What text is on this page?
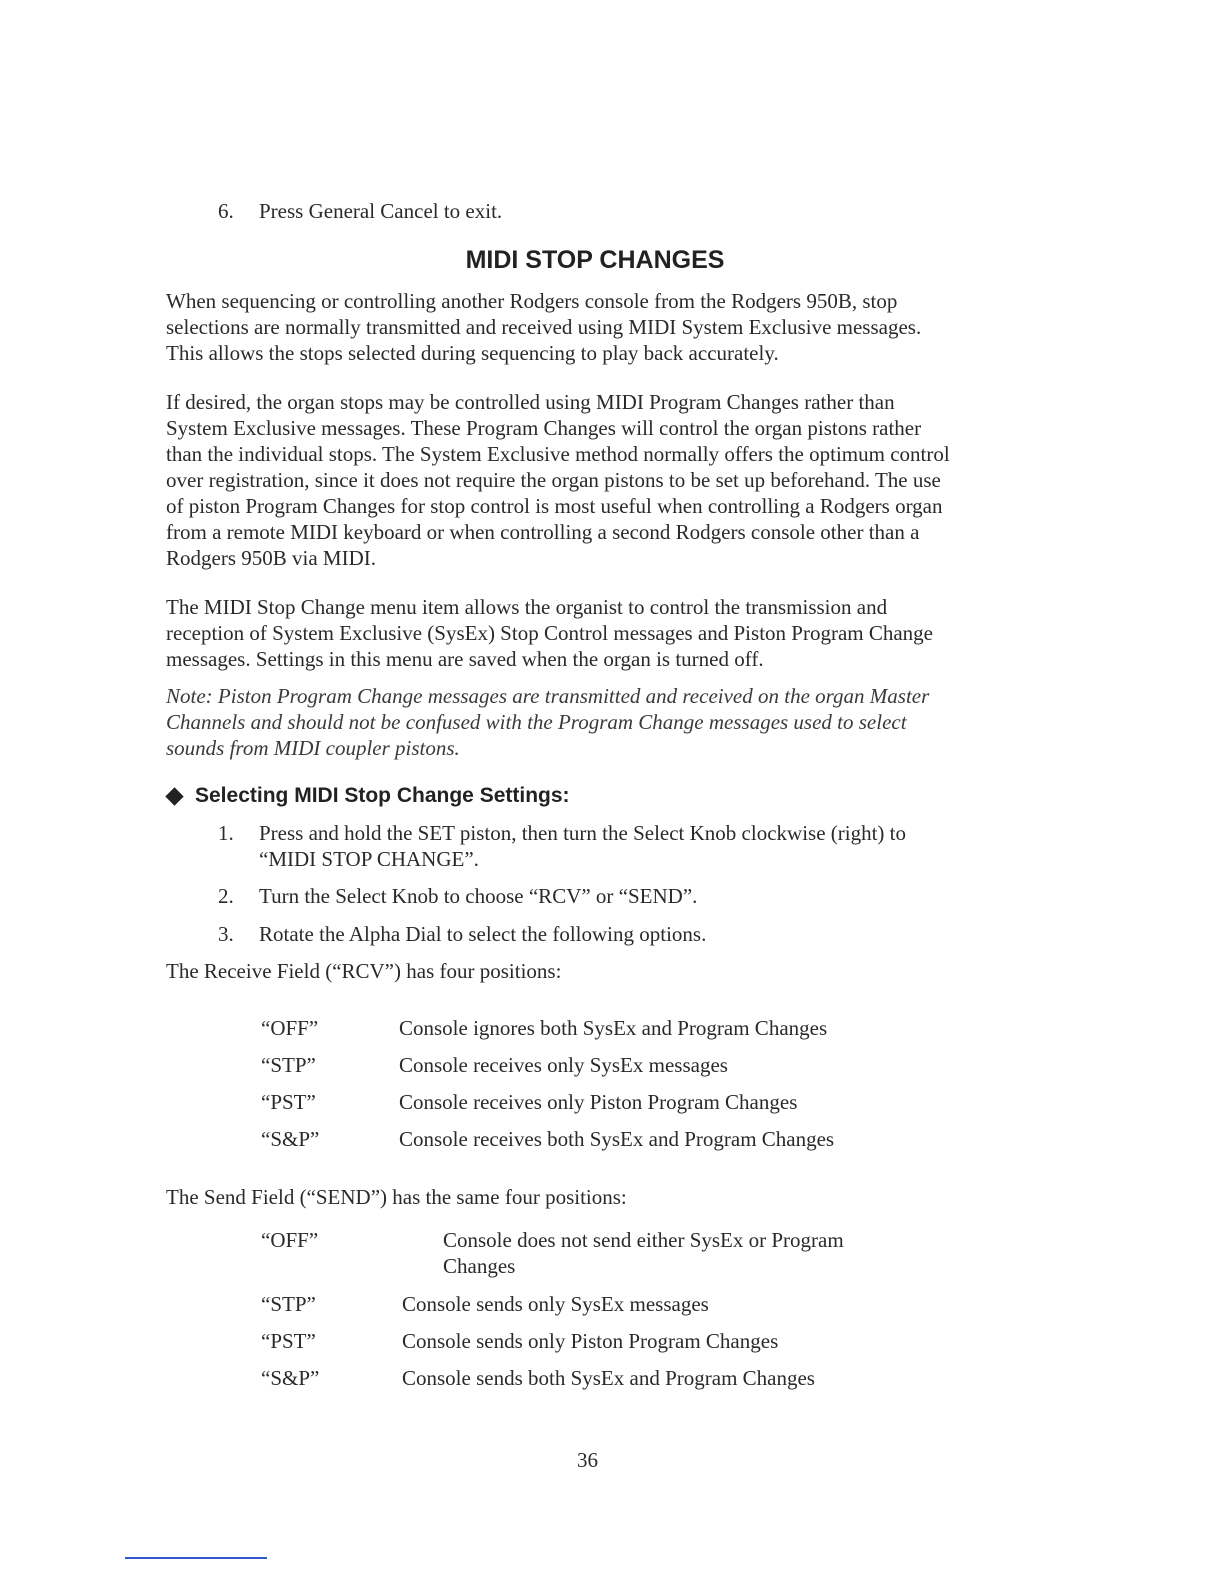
6. Press General Cancel to exit.
MIDI STOP CHANGES
When sequencing or controlling another Rodgers console from the Rodgers 950B, stop
selections are normally transmitted and received using MIDI System Exclusive messages.
This allows the stops selected during sequencing to play back accurately.
If desired, the organ stops may be controlled using MIDI Program Changes rather than
System Exclusive messages. These Program Changes will control the organ pistons rather
than the individual stops. The System Exclusive method normally offers the optimum control
over registration, since it does not require the organ pistons to be set up beforehand. The use
of piston Program Changes for stop control is most useful when controlling a Rodgers organ
from a remote MIDI keyboard or when controlling a second Rodgers console other than a
Rodgers 950B via MIDI.
The MIDI Stop Change menu item allows the organist to control the transmission and
reception of System Exclusive (SysEx) Stop Control messages and Piston Program Change
messages. Settings in this menu are saved when the organ is turned off.
Note: Piston Program Change messages are transmitted and received on the organ Master
Channels and should not be confused with the Program Change messages used to select
sounds from MIDI coupler pistons.
Selecting MIDI Stop Change Settings:
1. Press and hold the SET piston, then turn the Select Knob clockwise (right) to
“MIDI STOP CHANGE”.
2. Turn the Select Knob to choose “RCV” or “SEND”.
3. Rotate the Alpha Dial to select the following options.
The Receive Field (“RCV”) has four positions:
“OFF”	Console ignores both SysEx and Program Changes
“STP”	Console receives only SysEx messages
“PST”	Console receives only Piston Program Changes
“S&P”	Console receives both SysEx and Program Changes
The Send Field (“SEND”) has the same four positions:
“OFF”	Console does not send either SysEx or Program
Changes
“STP”	Console sends only SysEx messages
“PST”	Console sends only Piston Program Changes
“S&P”	Console sends both SysEx and Program Changes
36
